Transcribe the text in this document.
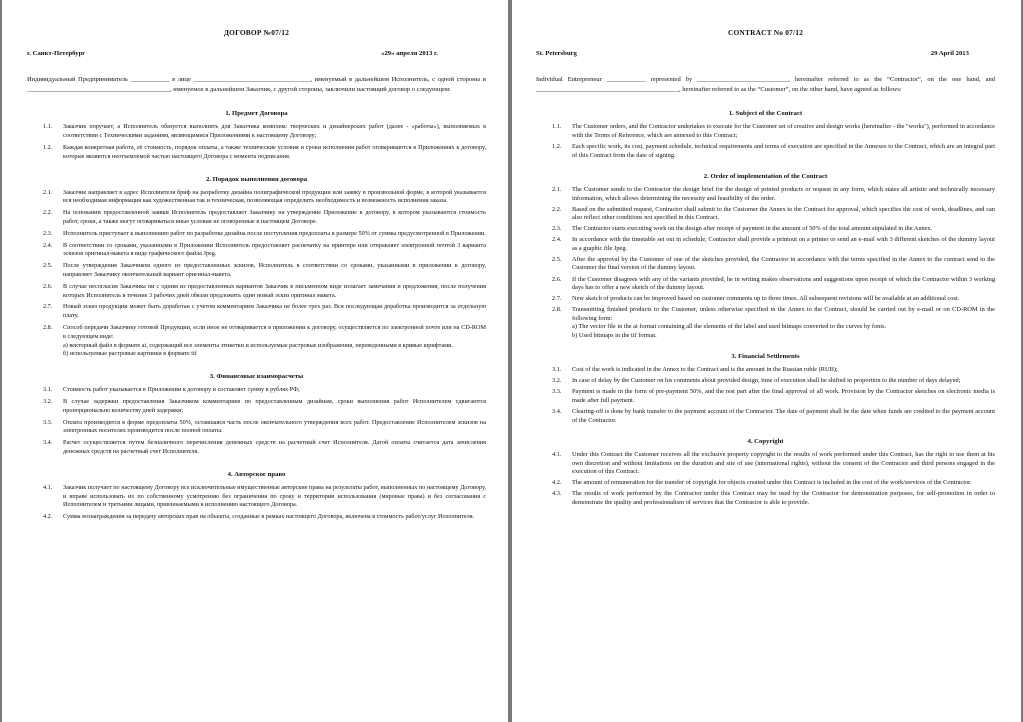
ДОГОВОР №07/12
г. Санкт-Петербург	«29» апреля 2013 г.
Индивидуальный Предприниматель ____________ в лице ____________________________________, именуемый в дальнейшем Исполнитель, с одной стороны и ____________________________________________, именуемое в дальнейшем Заказчик, с другой стороны, заключили настоящий договор о следующем:
1. Предмет Договора
1.1.	Заказчик поручает, а Исполнитель обязуется выполнить для Заказчика комплекс творческих и дизайнерских работ (далее - «работы»), выполняемых в соответствии с Техническими заданиям, являющимися Приложениями к настоящему Договору;
1.2.	Каждая конкретная работа, её стоимость, порядок оплаты, а также технические условия и сроки исполнения работ оговариваются в Приложениях к договору, которые являются неотъемлемой частью настоящего Договора с момента подписания.
2. Порядок выполнения договора
2.1.	Заказчик направляет в адрес Исполнителя бриф на разработку дизайна полиграфической продукции или заявку в произвольной форме, в которой указывается вся необходимая информация как художественная так и техническая, позволяющая определить необходимость и возможность исполнения заказа.
2.2.	На основании предоставленной заявки Исполнитель предоставляет Заказчику на утверждение Приложение к договору, в котором указываются стоимость работ, сроки, а также могут оговариваться иные условия не оговоренные в настоящем Договоре.
2.3.	Исполнитель приступает к выполнению работ по разработке дизайна после поступления предоплаты в размере 50% от суммы предусмотренной в Приложении.
2.4.	В соответствии со сроками, указанными в Приложении Исполнитель предоставляет распечатку на принтере или отправляет электронной почтой 3 варианта эскизов оригинал-макета в виде графического файла Jpeg.
2.5.	После утверждения Заказчиком одного из предоставленных эскизов, Исполнитель в соответствии со сроками, указанными в приложении к договору, направляет Заказчику окончательный вариант оригинал-макета.
2.6.	В случае несогласия Заказчика ни с одним из предоставленных вариантов Заказчик в письменном виде излагает замечания и предложения, после получения которых Исполнитель в течение 3 рабочих дней обязан предложить один новый эскиз оригинал макета.
2.7.	Новый эскиз продукции может быть доработан с учетом комментариев Заказчика не более трех раз. Вся последующая доработка производится за отдельную плату.
2.8.	Способ передачи Заказчику готовой Продукции, если иное не оговаривается в приложении к договору, осуществляется по электронной почте или на CD-ROM в следующем виде:
а) векторный файл в формате ai, содержащий все элементы этикетки и используемые растровые изображения, переведенными в кривые шрифтами.
б) используемые растровые картинки в формате tif
3. Финансовые взаиморасчеты
3.1.	Стоимость работ указывается в Приложении к договору и составляет сумму в рублях РФ;
3.2.	В случае задержки предоставления Заказчиком комментариев по предоставленным дизайнам, сроки выполнения работ Исполнителем сдвигаются пропорционально количеству дней задержки;
3.3.	Оплата производится в форме предоплаты 50%, оставшаяся часть после окончательного утверждения всех работ. Предоставление Исполнителем эскизов на электронных носителях производится после полной оплаты.
3.4.	Расчет осуществляется путем безналичного перечисления денежных средств на расчетный счет Исполнителя. Датой оплаты считается дата зачисления денежных средств на расчетный счет Исполнителя.
4. Авторское право
4.1.	Заказчик получает по настоящему Договору все исключительные имущественные авторские права на результаты работ, выполненных по настоящему Договору, и вправе использовать их по собственному усмотрению без ограничения по сроку и территории использования (мировые права) и без согласования с Исполнителем и третьими лицами, привлекаемыми к исполнению настоящего Договора.
4.2.	Сумма вознаграждения за передачу авторских прав на объекты, созданные в рамках настоящего Договора, включена в стоимость работ/услуг Исполнителя.
CONTRACT No 07/12
St. Petersburg	29 April 2013
Individual Entrepreneur ____________ represented by ____________________________, hereinafter referred to as the “Contractor”, on the one hand, and ____________________________________________, hereinafter referred to as the “Customer”, on the other hand, have agreed as follows:
1. Subject of the Contract
1.1.	The Customer orders, and the Contractor undertakes to execute for the Customer set of creative and design works (hereinafter - the "works"), performed in accordance with the Terms of Reference, which are annexed to this Contract;
1.2.	Each specific work, its cost, payment schedule, technical requirements and terms of execution are specified in the Annexes to the Contract, which are an integral part of this Contract from the date of signing.
2. Order of implementation of the Contract
2.1.	The Customer sends to the Contractor the design brief for the design of printed products or request in any form, which states all artistic and technically necessary information, which allows determining the necessity and feasibility of the order.
2.2.	Based on the submitted request, Contractor shall submit to the Customer the Annex to the Contract for approval, which specifies the cost of work, deadlines, and can also reflect other conditions not specified in this Contract.
2.3.	The Contractor starts executing work on the design after receipt of payment in the amount of 50% of the total amount stipulated in the Annex.
2.4.	In accordance with the timetable set out in schedule, Contractor shall provide a printout on a printer or send an e-mail with 3 different sketches of the dummy layout as a graphic file Jpeg.
2.5.	After the approval by the Customer of one of the sketches provided, the Contractor in accordance with the terms specified in the Annex to the contract send to the Customer the final version of the dummy layout.
2.6.	If the Customer disagrees with any of the variants provided, he in writing makes observations and suggestions upon receipt of which the Contractor within 3 working days has to offer a new sketch of the dummy layout.
2.7.	New sketch of products can be improved based on customer comments up to three times. All subsequent revisions will be available at an additional cost.
2.8.	Transmitting finished products to the Customer, unless otherwise specified in the Annex to the Contract, should be carried out by e-mail or on CD-ROM in the following form:
a) The vector file in the ai format containing all the elements of the label and used bitmaps converted to the curves by fonts.
b) Used bitmaps in the tif format.
3. Financial Settlements
3.1.	Cost of the work is indicated in the Annex to the Contract and is the amount in the Russian ruble (RUB);
3.2.	In case of delay by the Customer on his comments about provided design, time of execution shall be shifted in proportion to the number of days delayed;
3.3.	Payment is made in the form of pre-payment 50%, and the rest part after the final approval of all work. Provision by the Contractor sketches on electronic media is made after full payment.
3.4.	Clearing-off is done by bank transfer to the payment account of the Contractor. The date of payment shall be the date when funds are credited to the payment account of the Contractor.
4. Copyright
4.1.	Under this Contract the Customer receives all the exclusive property copyright to the results of work performed under this Contract, has the right to use them at his own discretion and without limitations on the duration and site of use (international rights), without the consent of the Contractor and third persons engaged in the execution of this Contract.
4.2.	The amount of remuneration for the transfer of copyright for objects created under this Contract is included in the cost of the work/services of the Contractor.
4.3.	The results of work performed by the Contractor under this Contract may be used by the Contractor for demonstration purposes, for self-promotion in order to demonstrate the quality and professionalism of services that the Contractor is able to provide.
